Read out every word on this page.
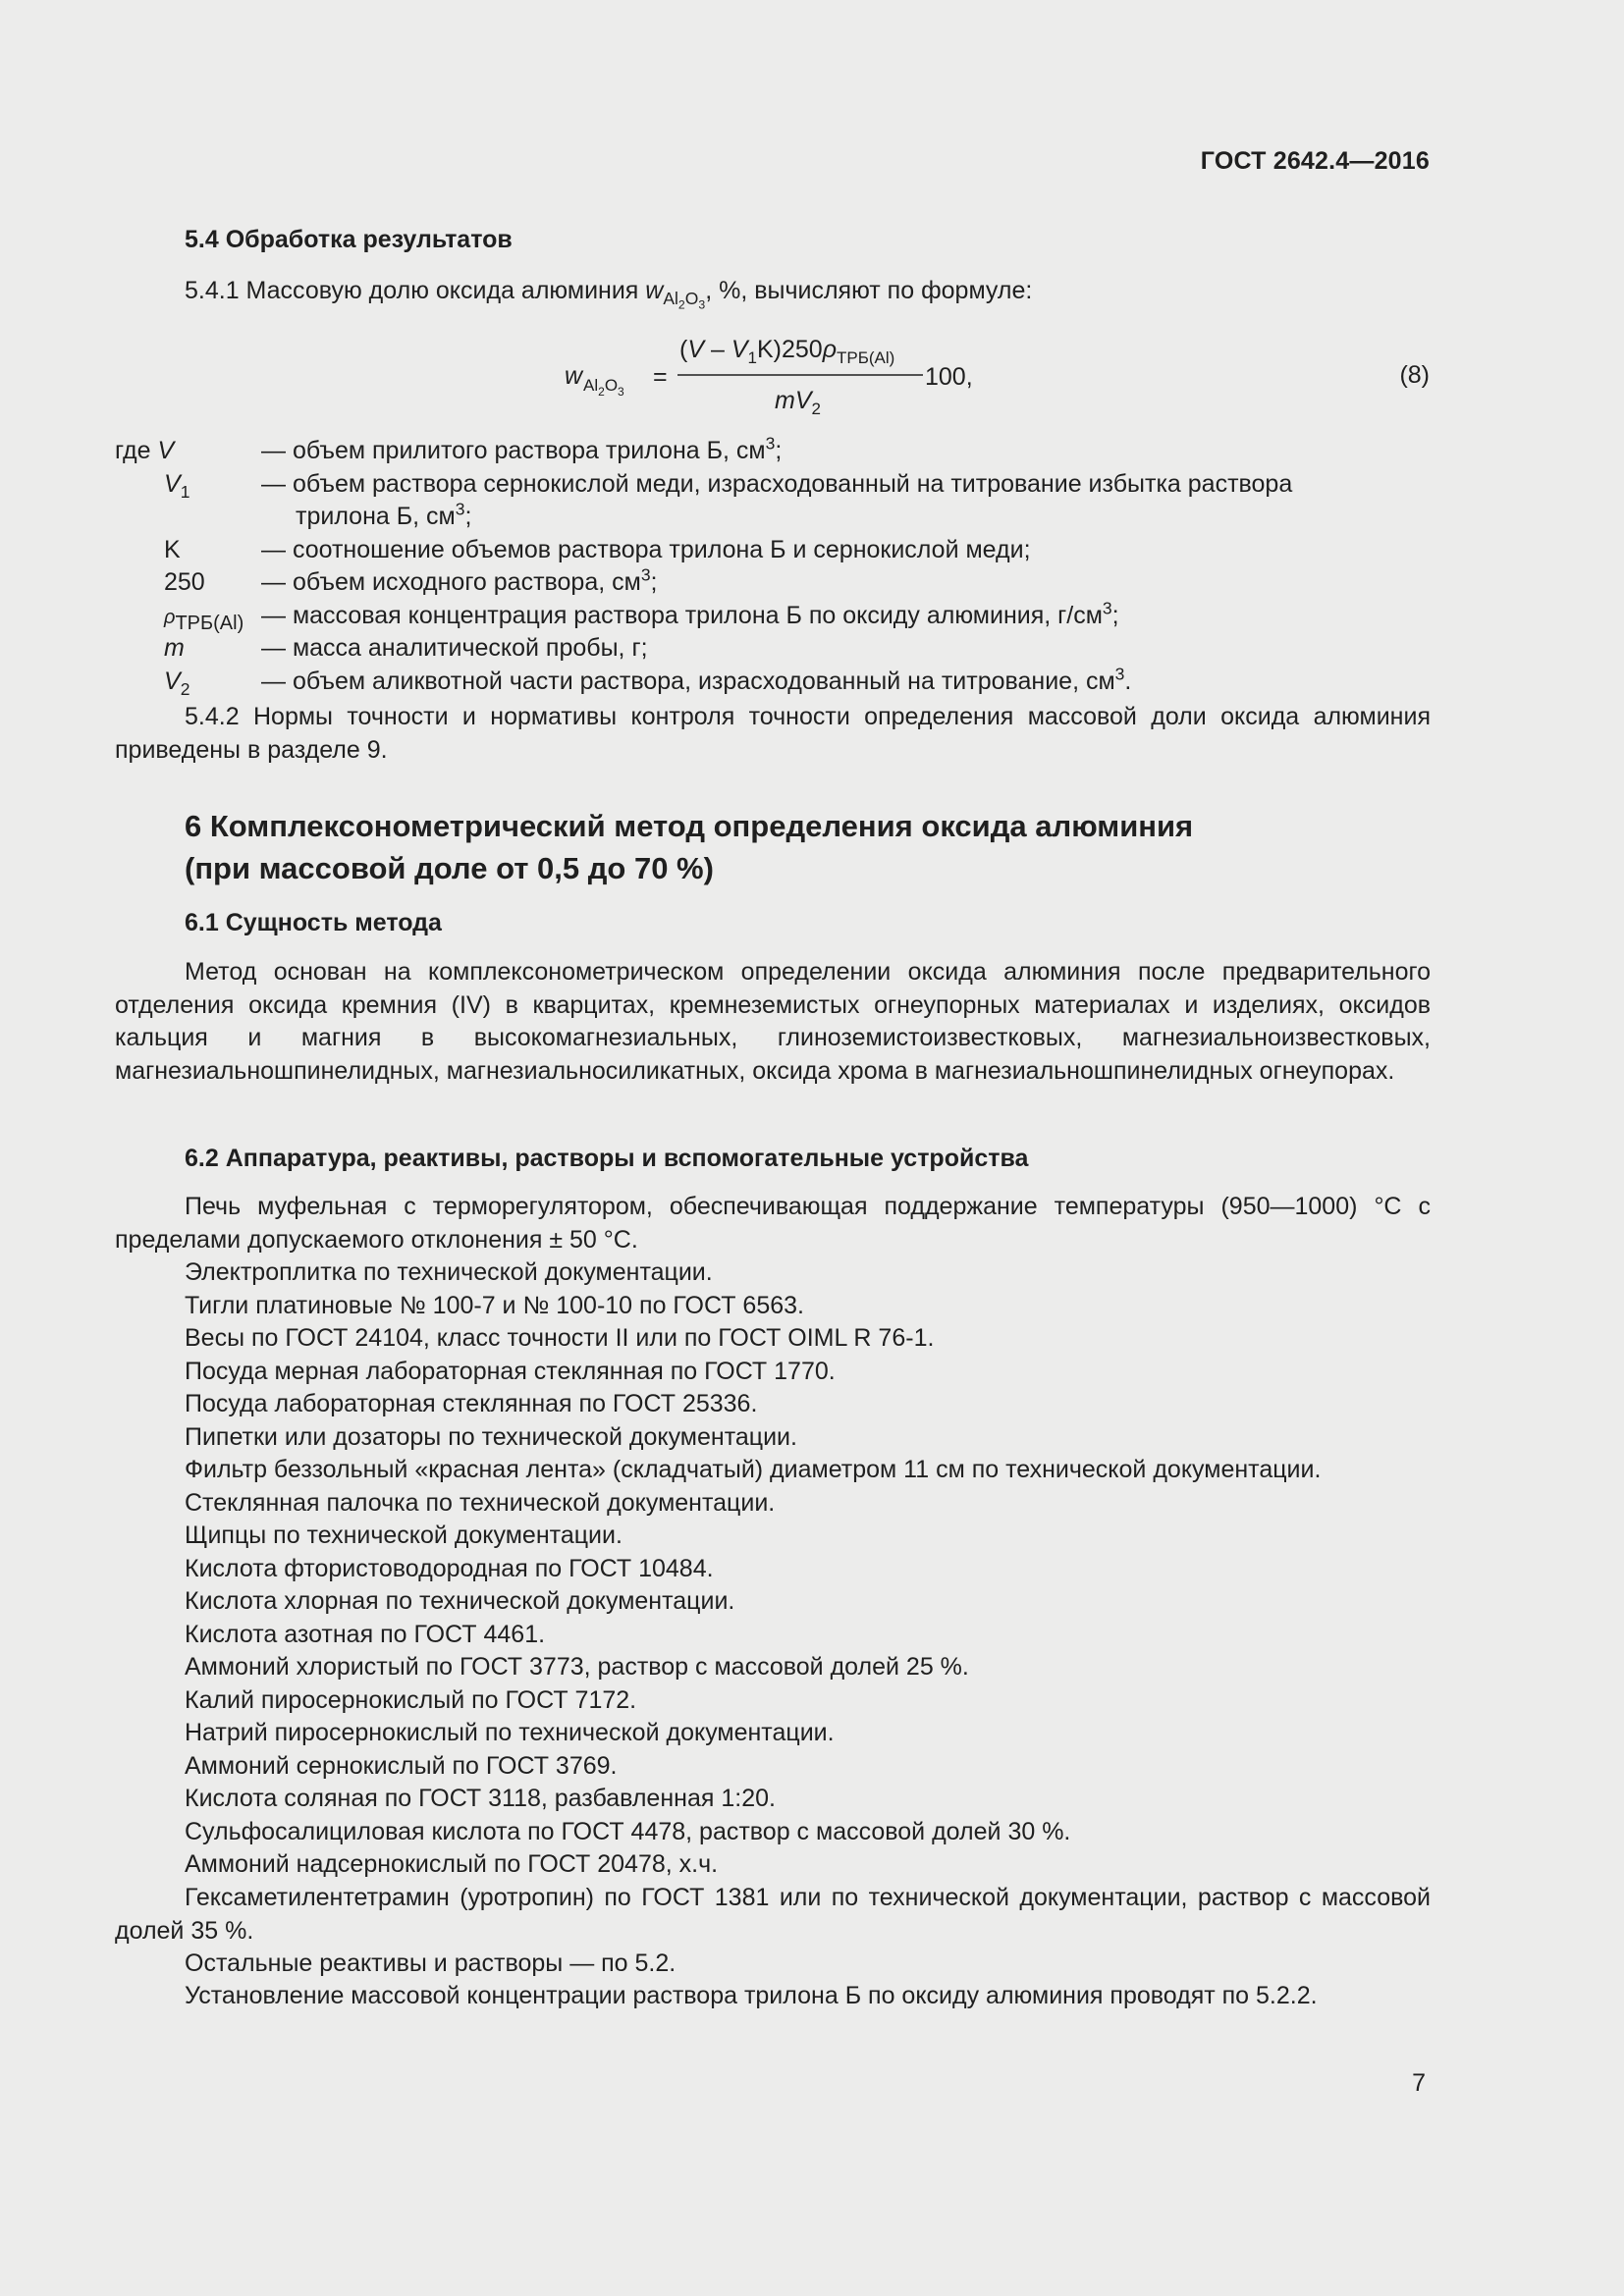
ГОСТ 2642.4—2016
5.4 Обработка результатов
5.4.1 Массовую долю оксида алюминия $w_{Al_2O_3}$, %, вычисляют по формуле:
w $Al_2O_3$
=
$(V - V_1K)250\rho_{ТРБ(Al)}$
$mV_2$
100,	(8)
где V	— объем прилитого раствора трилона Б, $см^3$;
$V_1$	— объем раствора сернокислой меди, израсходованный на титрование избытка раствора
трилона Б, $см^3$;
K	— соотношение объемов раствора трилона Б и сернокислой меди;
250	— объем исходного раствора, $см^3$;
$\rho_{ТРБ(Al)}$ — массовая концентрация раствора трилона Б по оксиду алюминия, $г/см^3$;
m	— масса аналитической пробы, г;
$V_2$	— объем аликвотной части раствора, израсходованный на титрование, $см^3$.
5.4.2 Нормы точности и нормативы контроля точности определения массовой доли оксида алюминия приведены в разделе 9.
6 Комплексонометрический метод определения оксида алюминия
(при массовой доле от 0,5 до 70 %)
6.1 Сущность метода
Метод основан на комплексонометрическом определении оксида алюминия после предварительного отделения оксида кремния (IV) в кварцитах, кремнеземистых огнеупорных материалах и изделиях, оксидов кальция и магния в высокомагнезиальных, глиноземистоизвестковых, магнезиальноизвестковых, магнезиальношпинелидных, магнезиальносиликатных, оксида хрома в магнезиальношпинелидных огнеупорах.
6.2 Аппаратура, реактивы, растворы и вспомогательные устройства
Печь муфельная с терморегулятором, обеспечивающая поддержание температуры (950—1000) °С с пределами допускаемого отклонения ± 50 °С.
Электроплитка по технической документации.
Тигли платиновые № 100-7 и № 100-10 по ГОСТ 6563.
Весы по ГОСТ 24104, класс точности II или по ГОСТ OIML R 76-1.
Посуда мерная лабораторная стеклянная по ГОСТ 1770.
Посуда лабораторная стеклянная по ГОСТ 25336.
Пипетки или дозаторы по технической документации.
Фильтр беззольный «красная лента» (складчатый) диаметром 11 см по технической документации.
Стеклянная палочка по технической документации.
Щипцы по технической документации.
Кислота фтористоводородная по ГОСТ 10484.
Кислота хлорная по технической документации.
Кислота азотная по ГОСТ 4461.
Аммоний хлористый по ГОСТ 3773, раствор с массовой долей 25 %.
Калий пиросернокислый по ГОСТ 7172.
Натрий пиросернокислый по технической документации.
Аммоний сернокислый по ГОСТ 3769.
Кислота соляная по ГОСТ 3118, разбавленная 1:20.
Сульфосалициловая кислота по ГОСТ 4478, раствор с массовой долей 30 %.
Аммоний надсернокислый по ГОСТ 20478, х.ч.
Гексаметилентетрамин (уротропин) по ГОСТ 1381 или по технической документации, раствор с массовой долей 35 %.
Остальные реактивы и растворы — по 5.2.
Установление массовой концентрации раствора трилона Б по оксиду алюминия проводят по 5.2.2.
7
